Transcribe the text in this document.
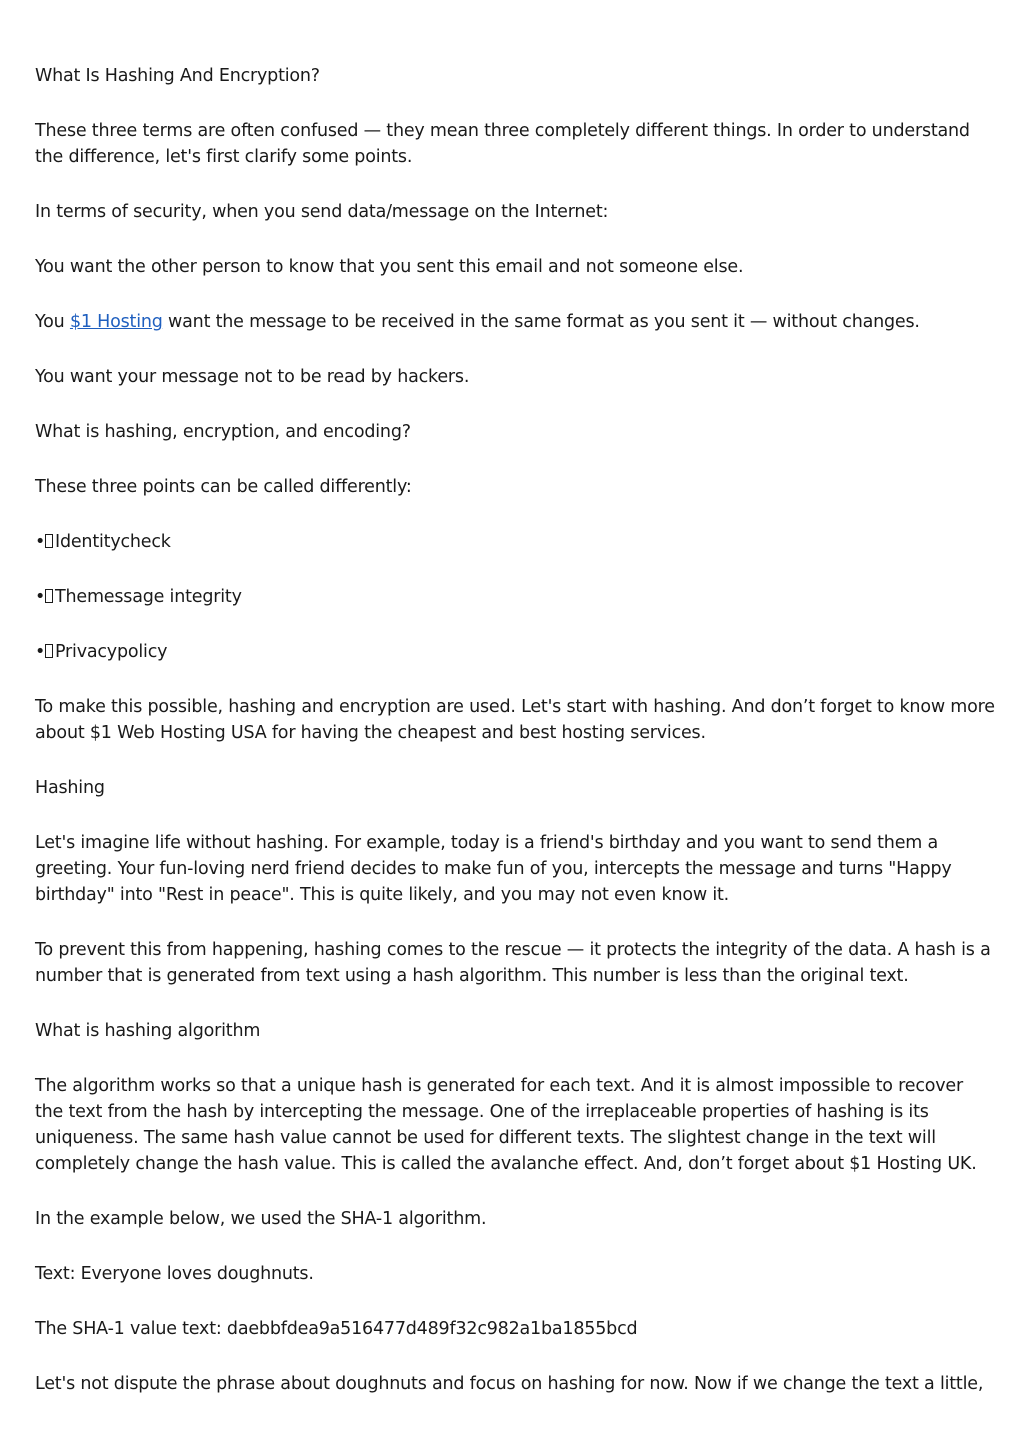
What Is Hashing And Encryption?

These three terms are often confused — they mean three completely different things. In order to understand the difference, let's first clarify some points.

In terms of security, when you send data/message on the Internet:

You want the other person to know that you sent this email and not someone else.

You $1 Hosting want the message to be received in the same format as you sent it — without changes.

You want your message not to be read by hackers.

What is hashing, encryption, and encoding?

These three points can be called differently:

• Identitycheck

• Themessage integrity

• Privacypolicy

To make this possible, hashing and encryption are used. Let's start with hashing. And don’t forget to know more about $1 Web Hosting USA for having the cheapest and best hosting services.

Hashing

Let's imagine life without hashing. For example, today is a friend's birthday and you want to send them a greeting. Your fun-loving nerd friend decides to make fun of you, intercepts the message and turns "Happy birthday" into "Rest in peace". This is quite likely, and you may not even know it.

To prevent this from happening, hashing comes to the rescue — it protects the integrity of the data. A hash is a number that is generated from text using a hash algorithm. This number is less than the original text.

What is hashing algorithm

The algorithm works so that a unique hash is generated for each text. And it is almost impossible to recover the text from the hash by intercepting the message. One of the irreplaceable properties of hashing is its uniqueness. The same hash value cannot be used for different texts. The slightest change in the text will completely change the hash value. This is called the avalanche effect. And, don’t forget about $1 Hosting UK.

In the example below, we used the SHA-1 algorithm.

Text: Everyone loves doughnuts.

The SHA-1 value text: daebbfdea9a516477d489f32c982a1ba1855bcd

Let's not dispute the phrase about doughnuts and focus on hashing for now. Now if we change the text a little,
